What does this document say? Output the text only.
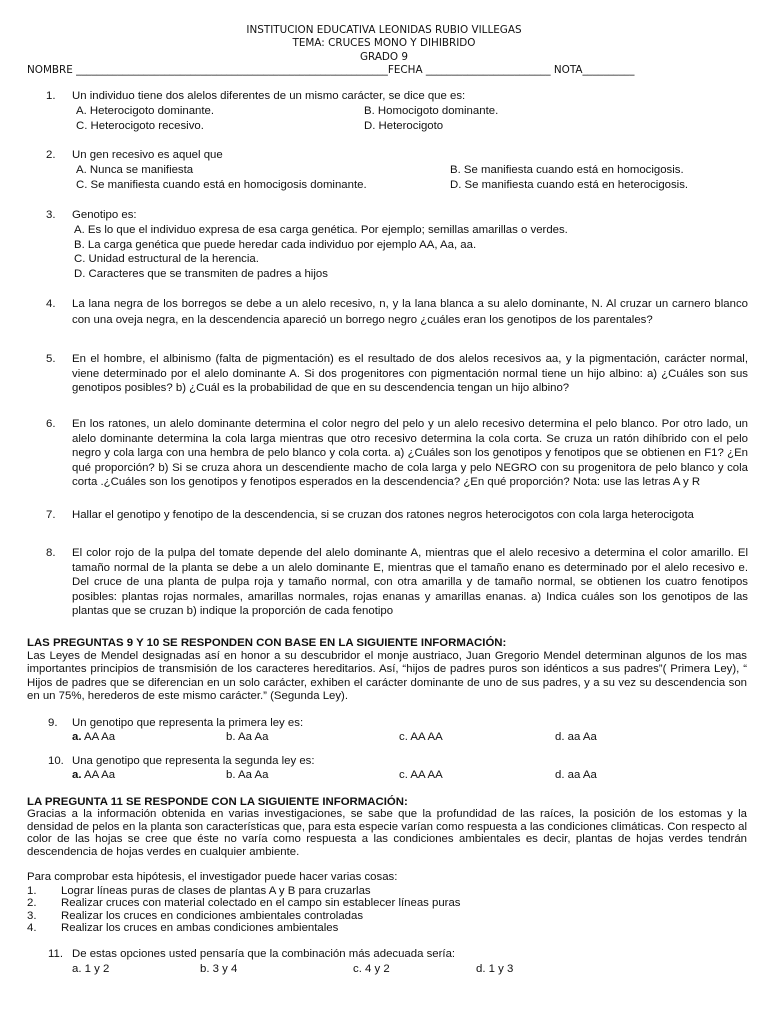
INSTITUCION EDUCATIVA LEONIDAS RUBIO VILLEGAS
TEMA: CRUCES MONO Y DIHIBRIDO
GRADO 9
NOMBRE ____________________________________________________________FECHA ________________________ NOTA__________
1.	Un individuo tiene dos alelos diferentes de un mismo carácter, se dice que es:
A. Heterocigoto dominante.	B. Homocigoto dominante.
C. Heterocigoto recesivo.	D. Heterocigoto
2.	Un gen recesivo es aquel que
A. Nunca se manifiesta	B. Se manifiesta cuando está en homocigosis.
C. Se manifiesta cuando está en homocigosis dominante.	D. Se manifiesta cuando está en heterocigosis.
3.	Genotipo es:
A. Es lo que el individuo expresa de esa carga genética. Por ejemplo; semillas amarillas o verdes.
B. La carga genética que puede heredar cada individuo por ejemplo AA, Aa, aa.
C. Unidad estructural de la herencia.
D. Caracteres que se transmiten de padres a hijos
4.	La lana negra de los borregos se debe a un alelo recesivo, n, y la lana blanca a su alelo dominante, N. Al cruzar un carnero blanco con una oveja negra, en la descendencia apareció un borrego negro ¿cuáles eran los genotipos de los parentales?
5.	En el hombre, el albinismo (falta de pigmentación) es el resultado de dos alelos recesivos aa, y la pigmentación, carácter normal, viene determinado por el alelo dominante A. Si dos progenitores con pigmentación normal tiene un hijo albino: a) ¿Cuáles son sus genotipos posibles? b) ¿Cuál es la probabilidad de que en su descendencia tengan un hijo albino?
6.	En los ratones, un alelo dominante determina el color negro del pelo y un alelo recesivo determina el pelo blanco. Por otro lado, un alelo dominante determina la cola larga mientras que otro recesivo determina la cola corta. Se cruza un ratón dihíbrido con el pelo negro y cola larga con una hembra de pelo blanco y cola corta. a) ¿Cuáles son los genotipos y fenotipos que se obtienen en F1? ¿En qué proporción? b) Si se cruza ahora un descendiente macho de cola larga y pelo NEGRO con su progenitora de pelo blanco y cola corta .¿Cuáles son los genotipos y fenotipos esperados en la descendencia? ¿En qué proporción? Nota: use las letras A y R
7.	Hallar el genotipo y fenotipo de la descendencia, si se cruzan dos ratones negros heterocigotos con cola larga heterocigota
8.	El color rojo de la pulpa del tomate depende del alelo dominante A, mientras que el alelo recesivo a determina el color amarillo. El tamaño normal de la planta se debe a un alelo dominante E, mientras que el tamaño enano es determinado por el alelo recesivo e. Del cruce de una planta de pulpa roja y tamaño normal, con otra amarilla y de tamaño normal, se obtienen los cuatro fenotipos posibles: plantas rojas normales, amarillas normales, rojas enanas y amarillas enanas. a) Indica cuáles son los genotipos de las plantas que se cruzan b) indique la proporción de cada fenotipo
LAS PREGUNTAS 9 Y 10 SE RESPONDEN CON BASE EN LA SIGUIENTE INFORMACIÓN:
Las Leyes de Mendel designadas así en honor a su descubridor el monje austriaco, Juan Gregorio Mendel determinan algunos de los mas importantes principios de transmisión de los caracteres hereditarios. Así, “hijos de padres puros son idénticos a sus padres”( Primera Ley), “ Hijos de padres que se diferencian en un solo carácter, exhiben el carácter dominante de uno de sus padres, y a su vez su descendencia son en un 75%, herederos de este mismo carácter.” (Segunda Ley).
9.	Un genotipo que representa la primera ley es:
a. AA Aa	b. Aa Aa	c. AA AA	d. aa Aa
10. Una genotipo que representa la segunda ley es:
a. AA Aa	b. Aa Aa	c. AA AA	d. aa Aa
LA PREGUNTA 11 SE RESPONDE CON LA SIGUIENTE INFORMACIÓN:
Gracias a la información obtenida en varias investigaciones, se sabe que la profundidad de las raíces, la posición de los estomas y la densidad de pelos en la planta son características que, para esta especie varían como respuesta a las condiciones climáticas. Con respecto al color de las hojas se cree que éste no varía como respuesta a las condiciones ambientales es decir, plantas de hojas verdes tendrán descendencia de hojas verdes en cualquier ambiente.
Para comprobar esta hipótesis, el investigador puede hacer varias cosas:
1. Lograr líneas puras de clases de plantas A y B para cruzarlas
2. Realizar cruces con material colectado en el campo sin establecer líneas puras
3. Realizar los cruces en condiciones ambientales controladas
4. Realizar los cruces en ambas condiciones ambientales
11. De estas opciones usted pensaría que la combinación más adecuada sería:
a. 1 y 2	b. 3 y 4	c. 4 y 2	d. 1 y 3
